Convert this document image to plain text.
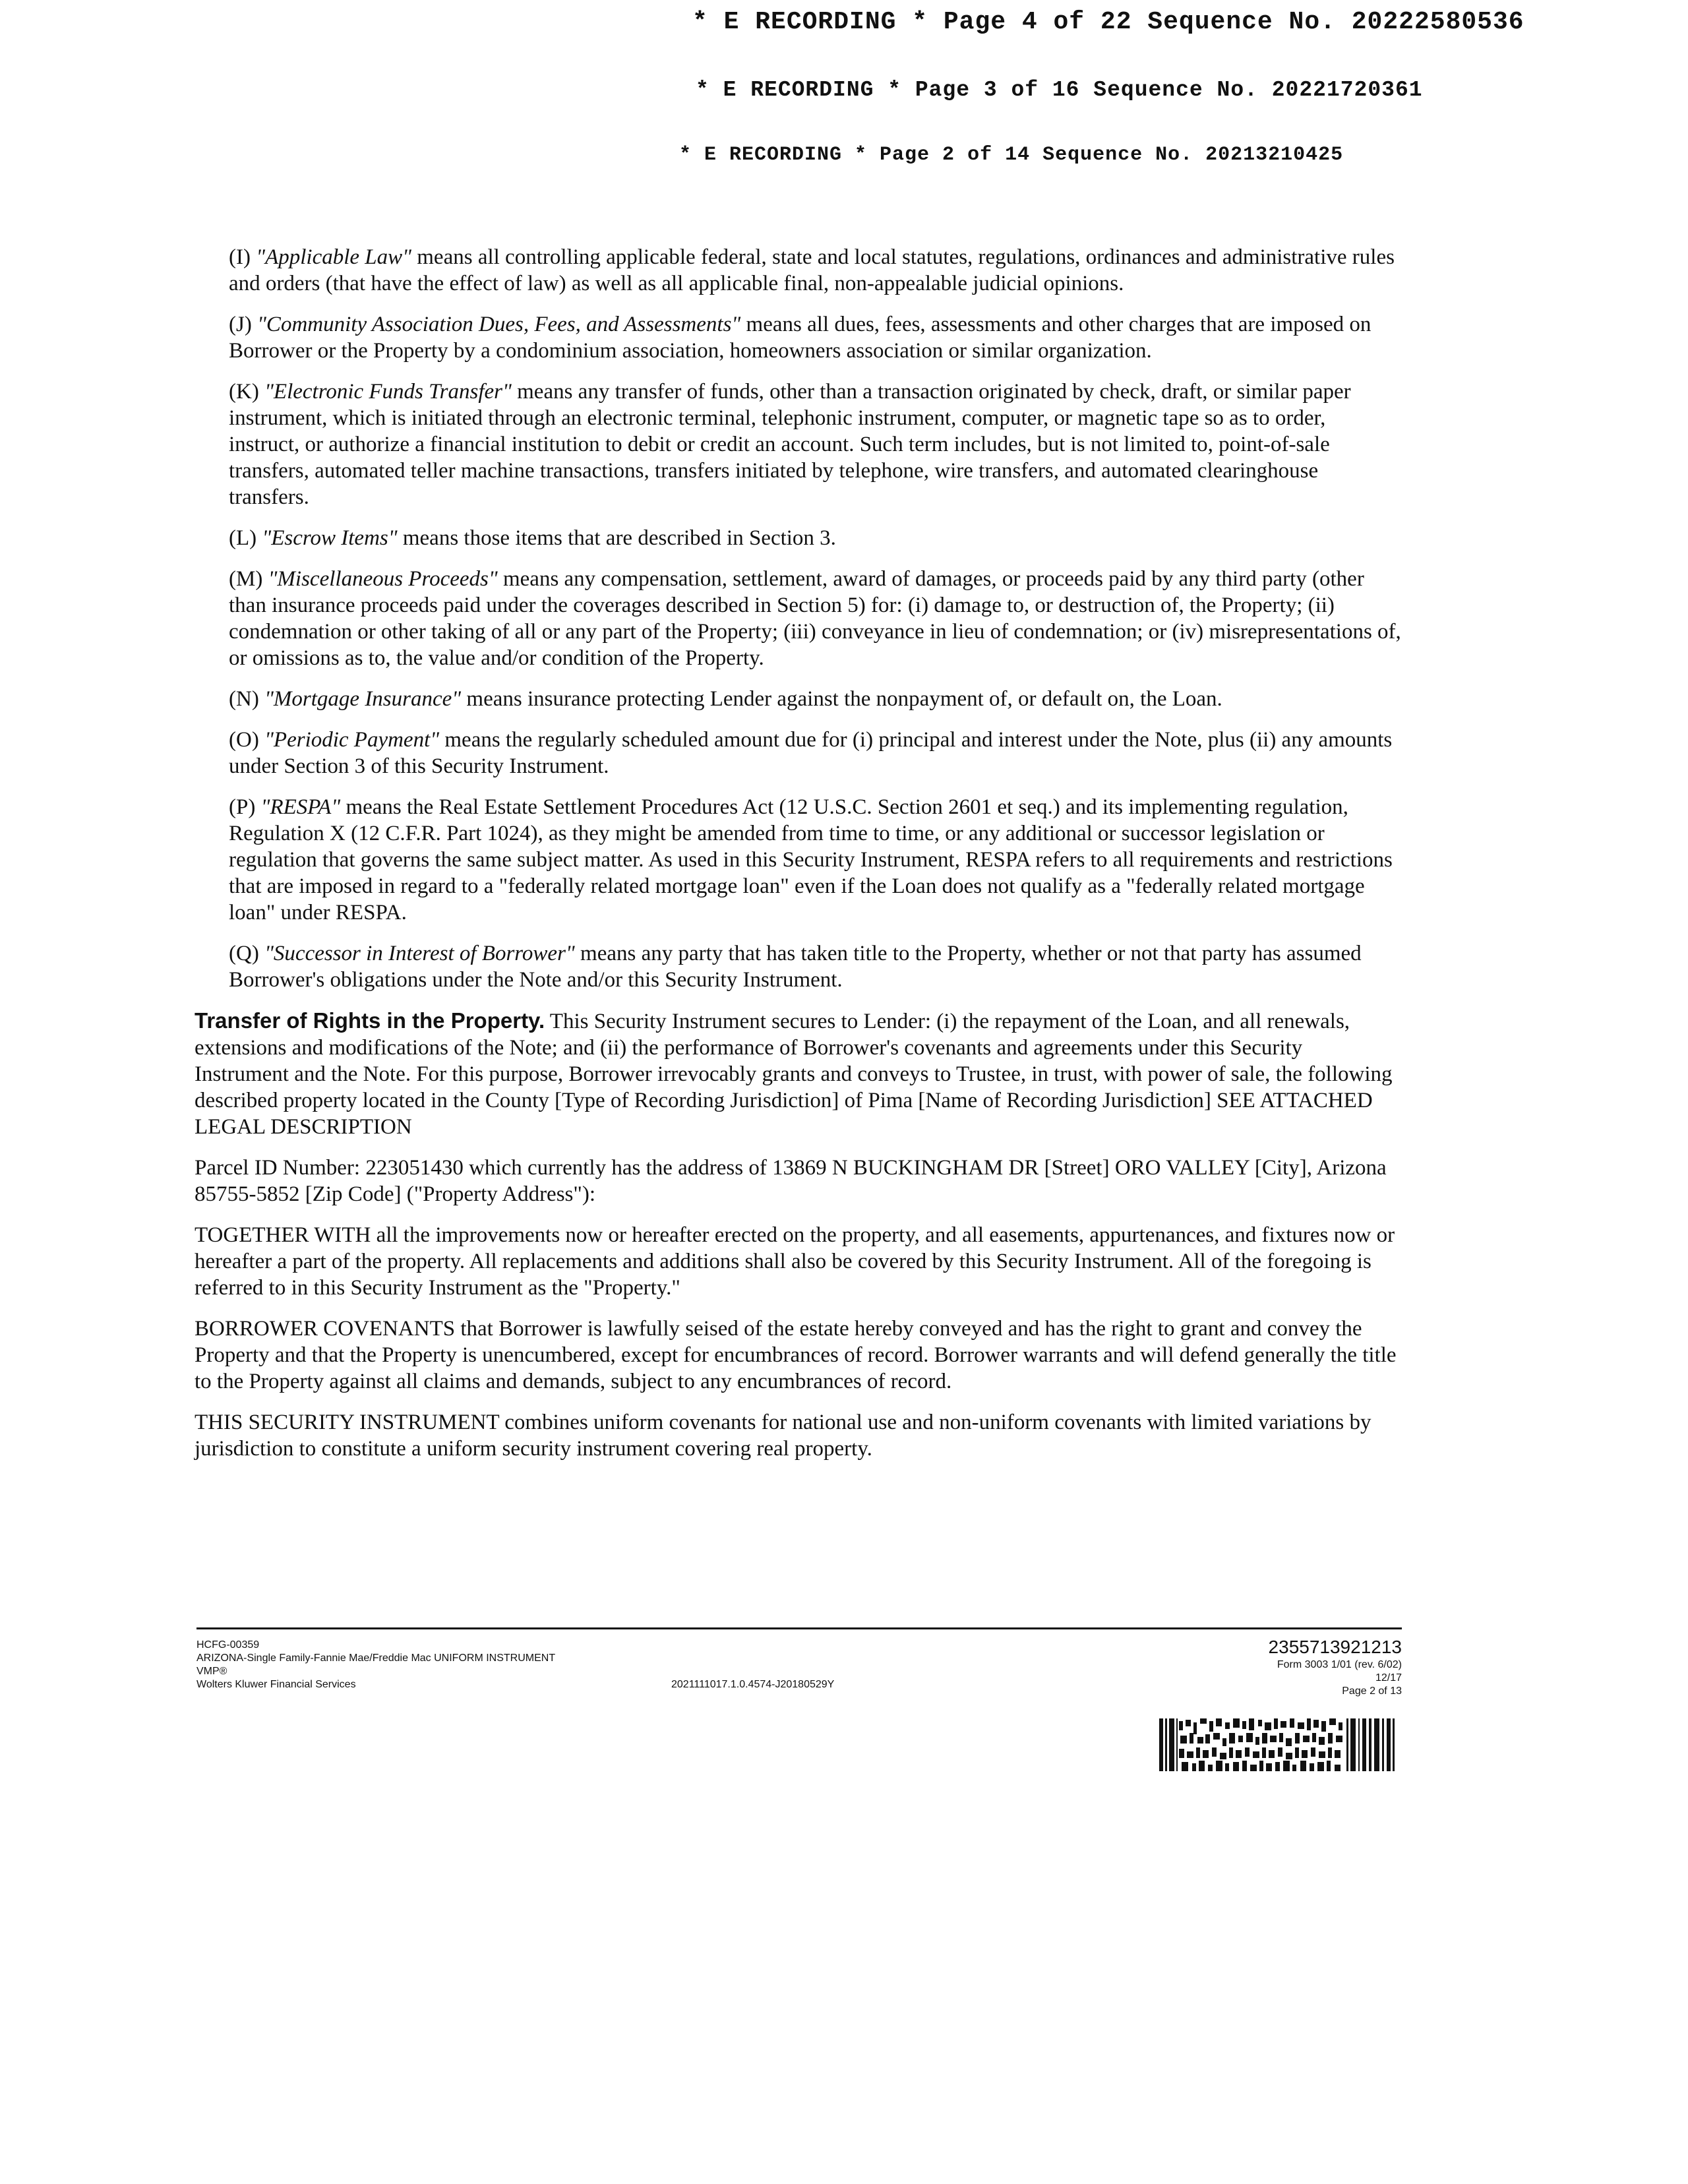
* E RECORDING * Page 4 of 22 Sequence No. 20222580536
* E RECORDING * Page 3 of 16 Sequence No. 20221720361
* E RECORDING * Page 2 of 14 Sequence No. 20213210425
(I) "Applicable Law" means all controlling applicable federal, state and local statutes, regulations, ordinances and administrative rules and orders (that have the effect of law) as well as all applicable final, non-appealable judicial opinions.
(J) "Community Association Dues, Fees, and Assessments" means all dues, fees, assessments and other charges that are imposed on Borrower or the Property by a condominium association, homeowners association or similar organization.
(K) "Electronic Funds Transfer" means any transfer of funds, other than a transaction originated by check, draft, or similar paper instrument, which is initiated through an electronic terminal, telephonic instrument, computer, or magnetic tape so as to order, instruct, or authorize a financial institution to debit or credit an account. Such term includes, but is not limited to, point-of-sale transfers, automated teller machine transactions, transfers initiated by telephone, wire transfers, and automated clearinghouse transfers.
(L) "Escrow Items" means those items that are described in Section 3.
(M) "Miscellaneous Proceeds" means any compensation, settlement, award of damages, or proceeds paid by any third party (other than insurance proceeds paid under the coverages described in Section 5) for: (i) damage to, or destruction of, the Property; (ii) condemnation or other taking of all or any part of the Property; (iii) conveyance in lieu of condemnation; or (iv) misrepresentations of, or omissions as to, the value and/or condition of the Property.
(N) "Mortgage Insurance" means insurance protecting Lender against the nonpayment of, or default on, the Loan.
(O) "Periodic Payment" means the regularly scheduled amount due for (i) principal and interest under the Note, plus (ii) any amounts under Section 3 of this Security Instrument.
(P) "RESPA" means the Real Estate Settlement Procedures Act (12 U.S.C. Section 2601 et seq.) and its implementing regulation, Regulation X (12 C.F.R. Part 1024), as they might be amended from time to time, or any additional or successor legislation or regulation that governs the same subject matter. As used in this Security Instrument, RESPA refers to all requirements and restrictions that are imposed in regard to a "federally related mortgage loan" even if the Loan does not qualify as a "federally related mortgage loan" under RESPA.
(Q) "Successor in Interest of Borrower" means any party that has taken title to the Property, whether or not that party has assumed Borrower's obligations under the Note and/or this Security Instrument.
Transfer of Rights in the Property. This Security Instrument secures to Lender: (i) the repayment of the Loan, and all renewals, extensions and modifications of the Note; and (ii) the performance of Borrower's covenants and agreements under this Security Instrument and the Note. For this purpose, Borrower irrevocably grants and conveys to Trustee, in trust, with power of sale, the following described property located in the County [Type of Recording Jurisdiction] of Pima [Name of Recording Jurisdiction] SEE ATTACHED LEGAL DESCRIPTION
Parcel ID Number: 223051430 which currently has the address of 13869 N BUCKINGHAM DR [Street] ORO VALLEY [City], Arizona 85755-5852 [Zip Code] ("Property Address"):
TOGETHER WITH all the improvements now or hereafter erected on the property, and all easements, appurtenances, and fixtures now or hereafter a part of the property. All replacements and additions shall also be covered by this Security Instrument. All of the foregoing is referred to in this Security Instrument as the "Property."
BORROWER COVENANTS that Borrower is lawfully seised of the estate hereby conveyed and has the right to grant and convey the Property and that the Property is unencumbered, except for encumbrances of record. Borrower warrants and will defend generally the title to the Property against all claims and demands, subject to any encumbrances of record.
THIS SECURITY INSTRUMENT combines uniform covenants for national use and non-uniform covenants with limited variations by jurisdiction to constitute a uniform security instrument covering real property.
HCFG-00359
ARIZONA-Single Family-Fannie Mae/Freddie Mac UNIFORM INSTRUMENT
VMP®
Wolters Kluwer Financial Services	2021111017.1.0.4574-J20180529Y
2355713921213
Form 3003 1/01 (rev. 6/02)
12/17
Page 2 of 13
